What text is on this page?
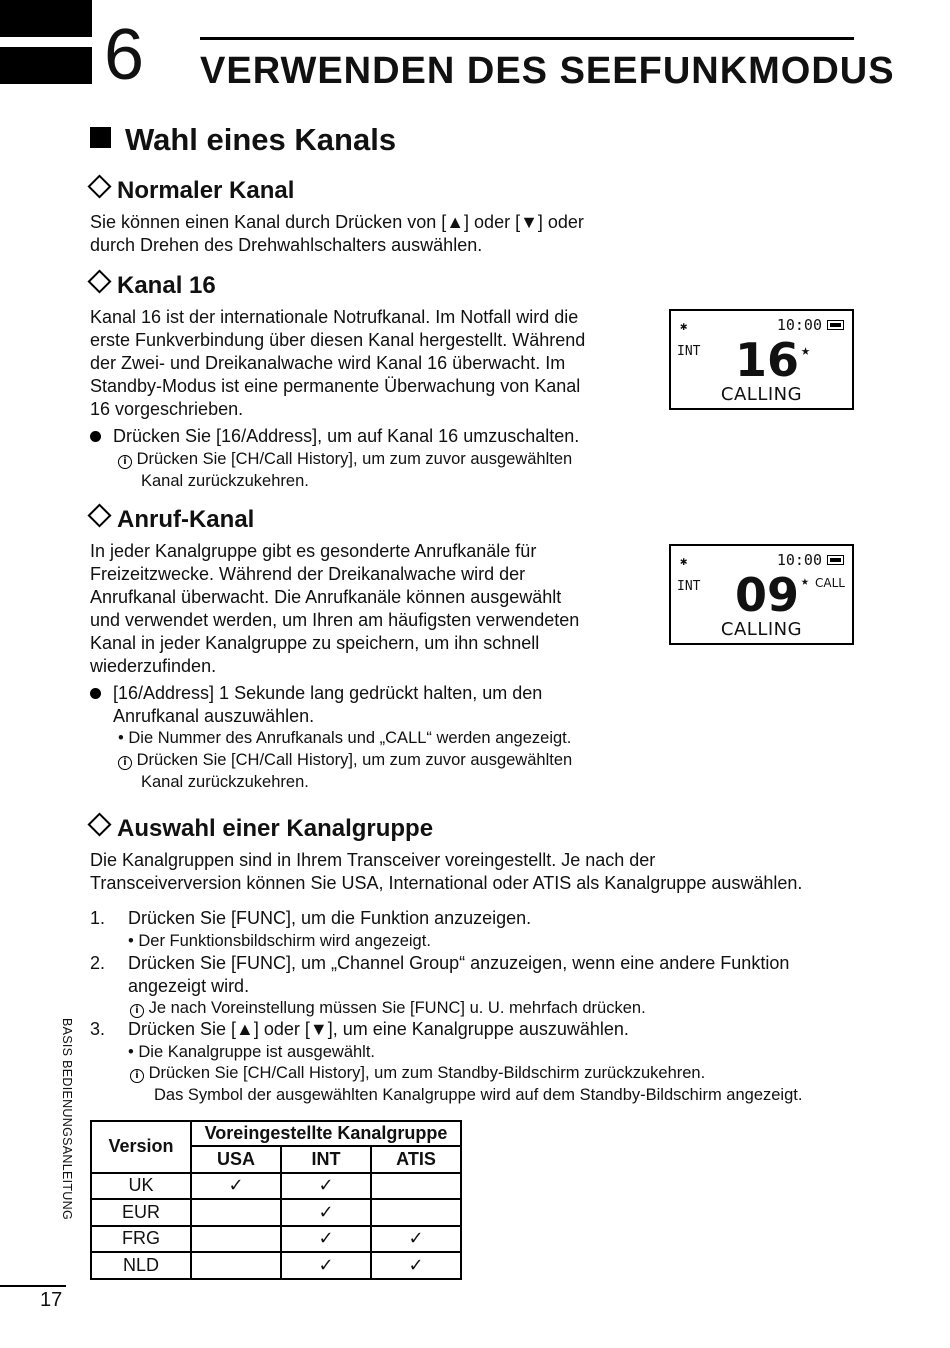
6 VERWENDEN DES SEEFUNKMODUS
Wahl eines Kanals
Normaler Kanal
Sie können einen Kanal durch Drücken von [▲] oder [▼] oder
durch Drehen des Drehwahlschalters auswählen.
Kanal 16
Kanal 16 ist der internationale Notrufkanal. Im Notfall wird die
erste Funkverbindung über diesen Kanal hergestellt. Während
der Zwei- und Dreikanalwache wird Kanal 16 überwacht. Im
Standby-Modus ist eine permanente Überwachung von Kanal
16 vorgeschrieben.
Drücken Sie [16/Address], um auf Kanal 16 umzuschalten.
i Drücken Sie [CH/Call History], um zum zuvor ausgewählten
Kanal zurückzukehren.
✱	10:00
INT 16 ★
CALLING
Anruf-Kanal
In jeder Kanalgruppe gibt es gesonderte Anrufkanäle für
Freizeitzwecke. Während der Dreikanalwache wird der
Anrufkanal überwacht. Die Anrufkanäle können ausgewählt
und verwendet werden, um Ihren am häufigsten verwendeten
Kanal in jeder Kanalgruppe zu speichern, um ihn schnell
wiederzufinden.
[16/Address] 1 Sekunde lang gedrückt halten, um den
Anrufkanal auszuwählen.
• Die Nummer des Anrufkanals und „CALL“ werden angezeigt.
i Drücken Sie [CH/Call History], um zum zuvor ausgewählten
Kanal zurückzukehren.
✱	10:00
INT 09 ★ CALL
CALLING
Auswahl einer Kanalgruppe
Die Kanalgruppen sind in Ihrem Transceiver voreingestellt. Je nach der
Transceiverversion können Sie USA, International oder ATIS als Kanalgruppe auswählen.
1. Drücken Sie [FUNC], um die Funktion anzuzeigen.
• Der Funktionsbildschirm wird angezeigt.
2. Drücken Sie [FUNC], um „Channel Group“ anzuzeigen, wenn eine andere Funktion
angezeigt wird.
i Je nach Voreinstellung müssen Sie [FUNC] u. U. mehrfach drücken.
3. Drücken Sie [▲] oder [▼], um eine Kanalgruppe auszuwählen.
• Die Kanalgruppe ist ausgewählt.
i Drücken Sie [CH/Call History], um zum Standby-Bildschirm zurückzukehren.
Das Symbol der ausgewählten Kanalgruppe wird auf dem Standby-Bildschirm angezeigt.
Version	Voreingestellte Kanalgruppe		
	USA	INT	ATIS
UK	✓	✓	
EUR		✓	
FRG		✓	✓
NLD		✓	✓
BASIS BEDIENUNGSANLEITUNG
17
